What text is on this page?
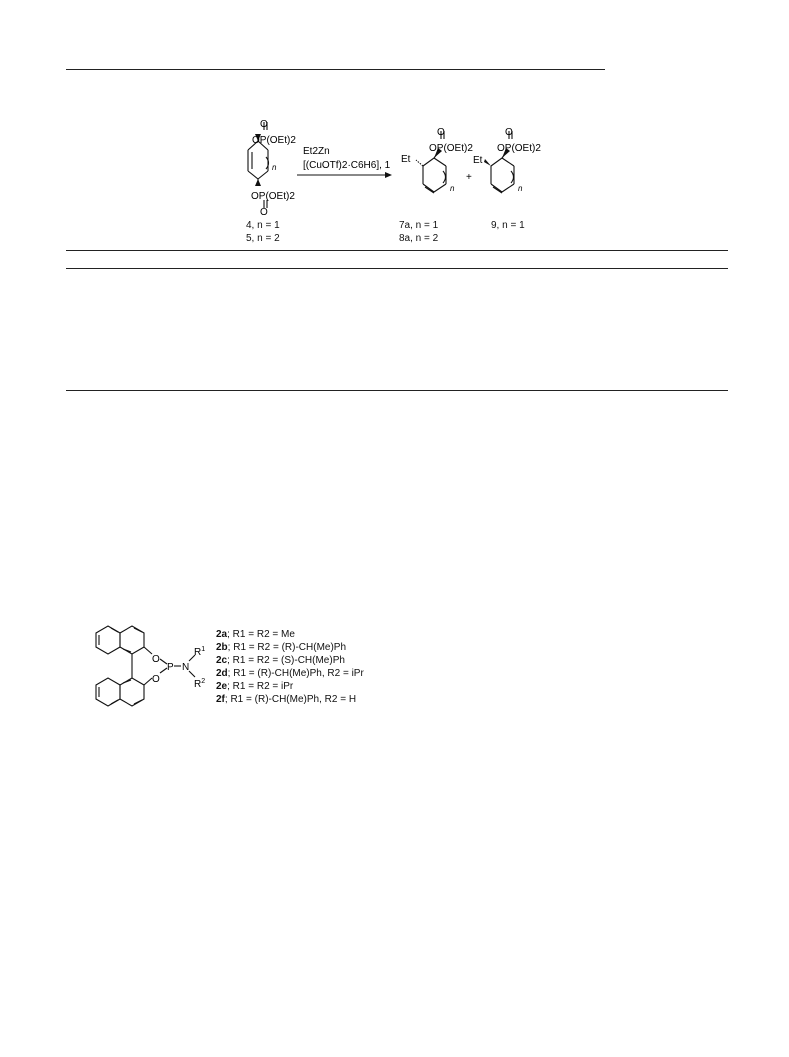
O
OP(OEt)2
OP(OEt)2
O
n
Et2Zn
[(CuOTf)2·C6H6], 1
O
OP(OEt)2
Et
n
+
O
OP(OEt)2
Et
n
4, n = 1
5, n = 2
7a, n = 1
8a, n = 2
9, n = 1
O
O
P N
$R^1$
$R^2$
2a; R1 = R2 = Me
2b; R1 = R2 = (R)-CH(Me)Ph
2c; R1 = R2 = (S)-CH(Me)Ph
2d; R1 = (R)-CH(Me)Ph, R2 = iPr
2e; R1 = R2 = iPr
2f; R1 = (R)-CH(Me)Ph, R2 = H
